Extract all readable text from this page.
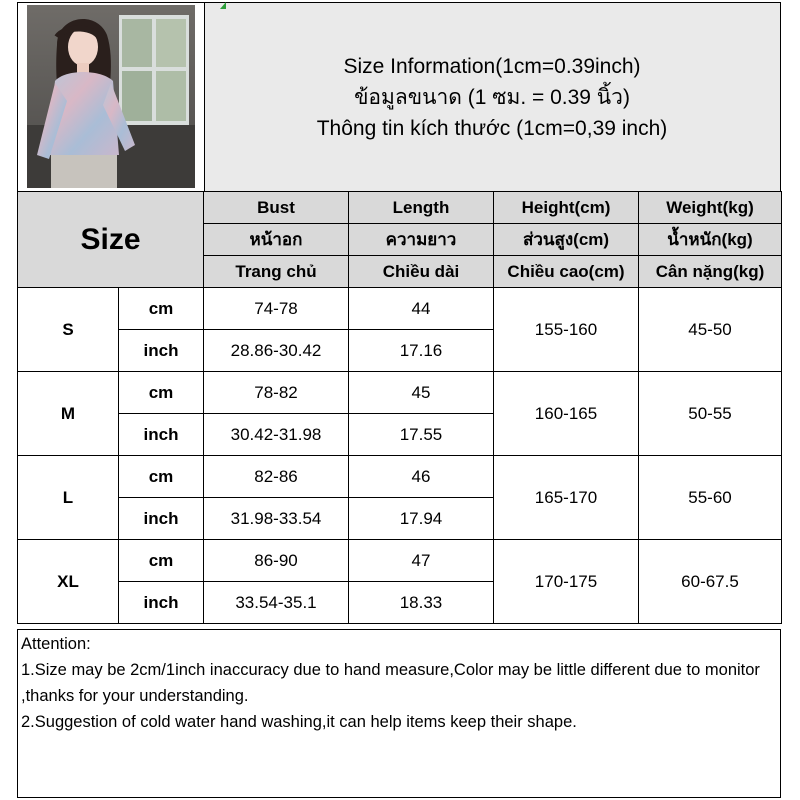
Size Information(1cm=0.39inch)
ข้อมูลขนาด (1 ซม. = 0.39 นิ้ว)
Thông tin kích thước (1cm=0,39 inch)
Size		Bust	Length	Height(cm)	Weight(kg)
		หน้าอก	ความยาว	ส่วนสูง(cm)	น้ำหนัก(kg)
		Trang chủ	Chiều dài	Chiều cao(cm)	Cân nặng(kg)
S	cm	74-78	44	155-160	45-50
	inch	28.86-30.42	17.16		
M	cm	78-82	45	160-165	50-55
	inch	30.42-31.98	17.55		
L	cm	82-86	46	165-170	55-60
	inch	31.98-33.54	17.94		
XL	cm	86-90	47	170-175	60-67.5
	inch	33.54-35.1	18.33		
Attention:
1.Size may be 2cm/1inch inaccuracy due to hand measure,Color may be little different due to monitor ,thanks for your understanding.
2.Suggestion of cold water hand washing,it can help items keep their shape.
